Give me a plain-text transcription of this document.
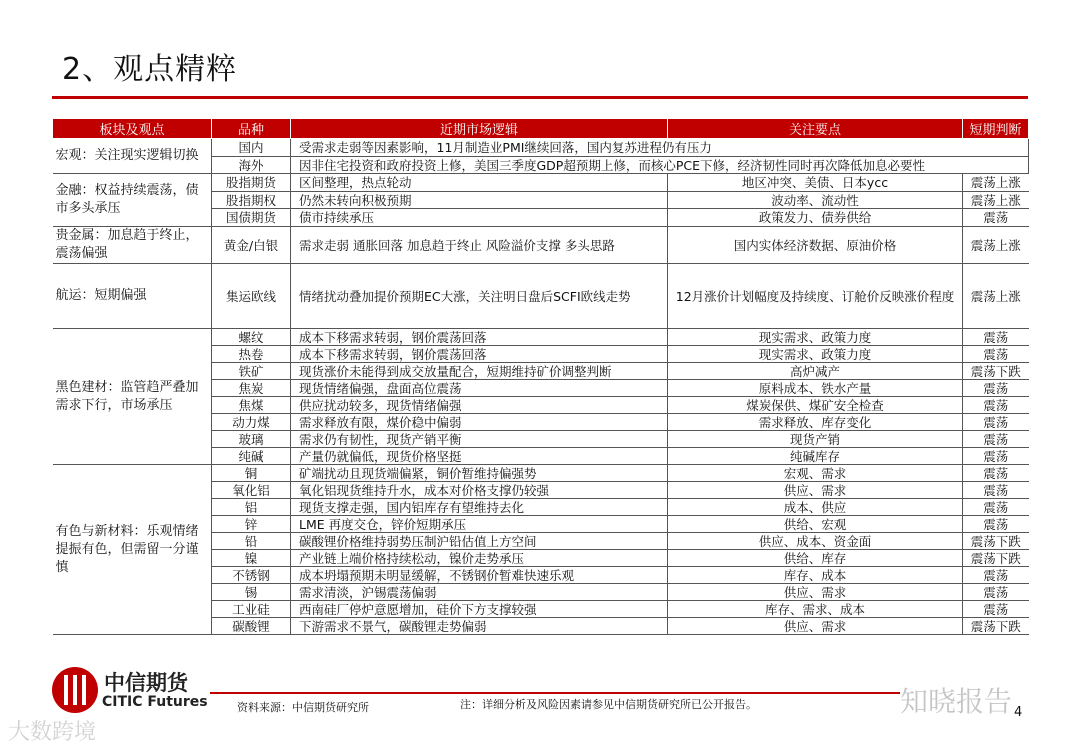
2、观点精粹
板块及观点	品种	近期市场逻辑	关注要点	短期判断
宏观：关注现实逻辑切换	国内	受需求走弱等因素影响，11月制造业PMI继续回落，国内复苏进程仍有压力		
	海外	因非住宅投资和政府投资上修，美国三季度GDP超预期上修，而核心PCE下修，经济韧性同时再次降低加息必要性		
金融：权益持续震荡，债市多头承压	股指期货	区间整理，热点轮动	地区冲突、美债、日本ycc	震荡上涨
	股指期权	仍然未转向积极预期	波动率、流动性	震荡上涨
	国债期货	债市持续承压	政策发力、债券供给	震荡
贵金属：加息趋于终止，震荡偏强	黄金/白银	需求走弱 通胀回落 加息趋于终止 风险溢价支撑 多头思路	国内实体经济数据、原油价格	震荡上涨
航运：短期偏强	集运欧线	情绪扰动叠加提价预期EC大涨，关注明日盘后SCFI欧线走势	12月涨价计划幅度及持续度、订舱价反映涨价程度	震荡上涨
黑色建材：监管趋严叠加需求下行，市场承压	螺纹	成本下移需求转弱，钢价震荡回落	现实需求、政策力度	震荡
	热卷	成本下移需求转弱，钢价震荡回落	现实需求、政策力度	震荡
	铁矿	现货涨价未能得到成交放量配合，短期维持矿价调整判断	高炉减产	震荡下跌
	焦炭	现货情绪偏强，盘面高位震荡	原料成本、铁水产量	震荡
	焦煤	供应扰动较多，现货情绪偏强	煤炭保供、煤矿安全检查	震荡
	动力煤	需求释放有限，煤价稳中偏弱	需求释放、库存变化	震荡
	玻璃	需求仍有韧性，现货产销平衡	现货产销	震荡
	纯碱	产量仍就偏低，现货价格坚挺	纯碱库存	震荡
有色与新材料：乐观情绪提振有色，但需留一分谨慎	铜	矿端扰动且现货端偏紧，铜价暂维持偏强势	宏观、需求	震荡
	氧化铝	氧化铝现货维持升水，成本对价格支撑仍较强	供应、需求	震荡
	铝	现货支撑走强，国内铝库存有望维持去化	成本、供应	震荡
	锌	LME 再度交仓，锌价短期承压	供给、宏观	震荡
	铅	碳酸锂价格维持弱势压制沪铅估值上方空间	供应、成本、资金面	震荡下跌
	镍	产业链上端价格持续松动，镍价走势承压	供给、库存	震荡下跌
	不锈钢	成本坍塌预期未明显缓解，不锈钢价暂难快速乐观	库存、成本	震荡
	锡	需求清淡，沪锡震荡偏弱	供应、需求	震荡
	工业硅	西南硅厂停炉意愿增加，硅价下方支撑较强	库存、需求、成本	震荡
	碳酸锂	下游需求不景气，碳酸锂走势偏弱	供应、需求	震荡下跌
中信期货
CITIC Futures	资料来源：中信期货研究所	注：详细分析及风险因素请参见中信期货研究所已公开报告。
4
知晓报告
大数跨境
